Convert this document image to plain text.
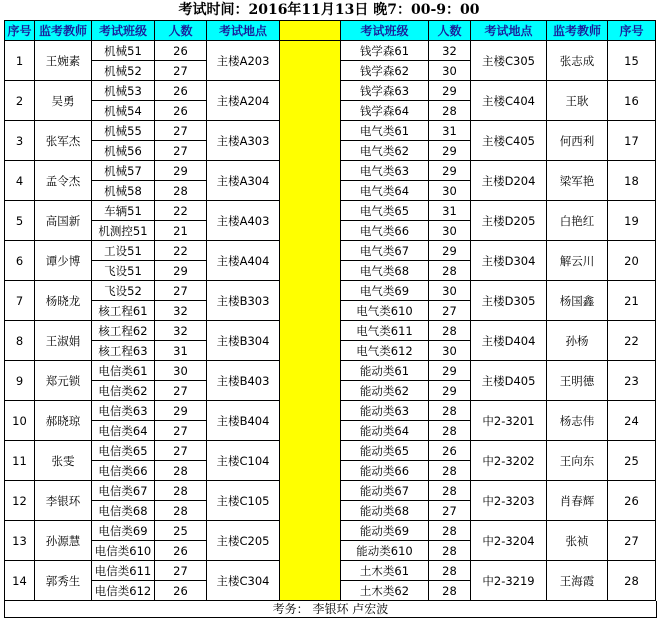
考试时间：2016年11月13日 晚7：00-9：00
序号	监考教师	考试班级	人数	考试地点		考试班级	人数	考试地点	监考教师	序号
1	王婉素	机械51	26	主楼A203		钱学森61	32	主楼C305	张志成	15
		机械52	27			钱学森62	30			
2	吴勇	机械53	26	主楼A204		钱学森63	29	主楼C404	王耿	16
		机械54	26			钱学森64	28			
3	张军杰	机械55	27	主楼A303		电气类61	31	主楼C405	何西利	17
		机械56	27			电气类62	29			
4	孟令杰	机械57	29	主楼A304		电气类63	29	主楼D204	梁军艳	18
		机械58	28			电气类64	30			
5	高国新	车辆51	22	主楼A403		电气类65	31	主楼D205	白艳红	19
		机测控51	21			电气类66	30			
6	谭少博	工设51	22	主楼A404		电气类67	29	主楼D304	解云川	20
		飞设51	29			电气类68	28			
7	杨晓龙	飞设52	27	主楼B303		电气类69	30	主楼D305	杨国鑫	21
		核工程61	32			电气类610	27			
8	王淑娟	核工程62	32	主楼B304		电气类611	28	主楼D404	孙杨	22
		核工程63	31			电气类612	30			
9	郑元锁	电信类61	30	主楼B403		能动类61	29	主楼D405	王明德	23
		电信类62	27			能动类62	29			
10	郝晓琼	电信类63	29	主楼B404		能动类63	28	中2-3201	杨志伟	24
		电信类64	27			能动类64	28			
11	张雯	电信类65	27	主楼C104		能动类65	26	中2-3202	王向东	25
		电信类66	28			能动类66	28			
12	李银环	电信类67	28	主楼C105		能动类67	28	中2-3203	肖春辉	26
		电信类68	28			能动类68	27			
13	孙源慧	电信类69	25	主楼C205		能动类69	28	中2-3204	张祯	27
		电信类610	26			能动类610	28			
14	郭秀生	电信类611	27	主楼C304		土木类61	28	中2-3219	王海霞	28
		电信类612	26			土木类62	28			
考务： 李银环 卢宏波
